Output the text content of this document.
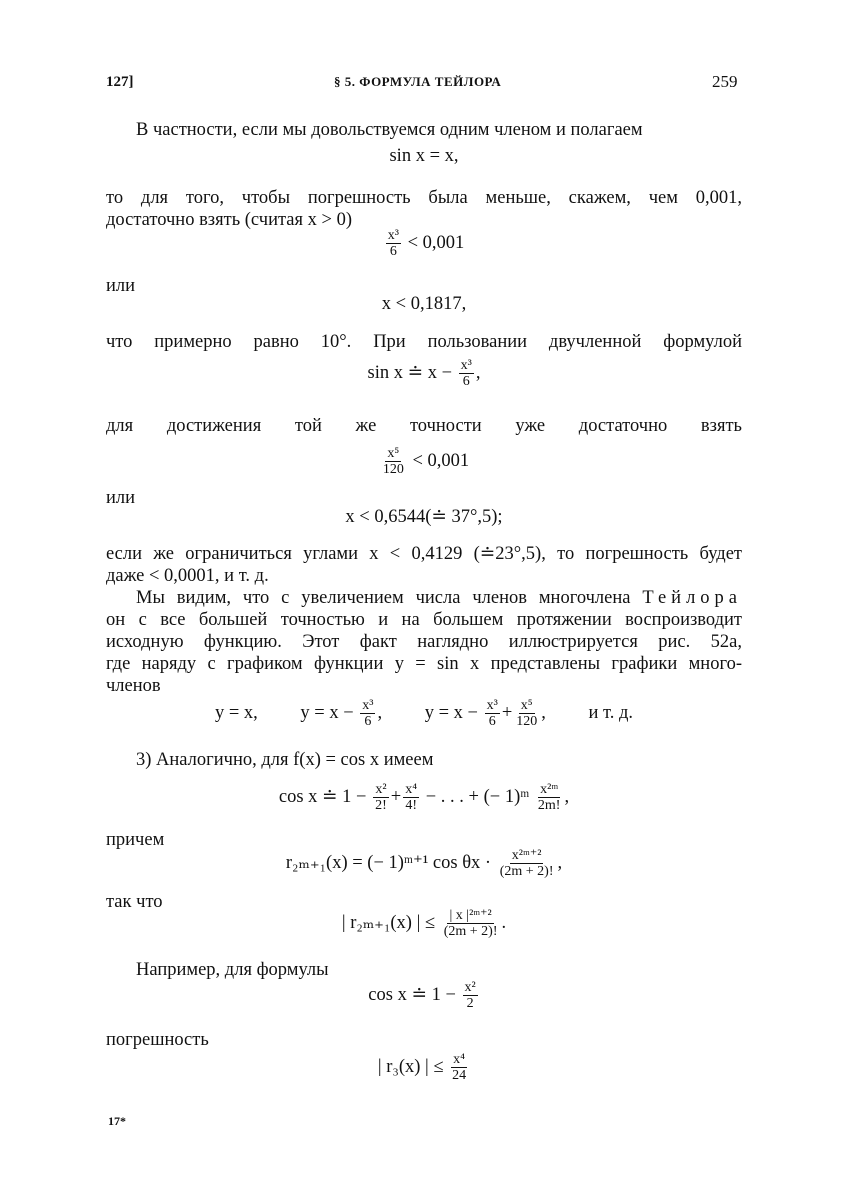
127]	§ 5. ФОРМУЛА ТЕЙЛОРА	259
В частности, если мы довольствуемся одним членом и полагаем
sin x = x,
то для того, чтобы погрешность была меньше, скажем, чем 0,001,
достаточно взять (считая x > 0)
$\frac{\text{x³}}{6} < 0,001$
или
x < 0,1817,
что примерно равно 10°. При пользовании двучленной формулой
sin x ≐ $x - \frac{\text{x³}}{6}$ ,
для достижения той же точности уже достаточно взять
$\frac{\text{x⁵}}{120} < 0,001$
или
x < 0,6544(≐ 37°,5);
если же ограничиться углами x < 0,4129 (≐23°,5), то погрешность будет
даже < 0,0001, и т. д.
Мы видим, что с увеличением числа членов многочлена Тейлора
он с все большей точностью и на большем протяжении воспроизводит
исходную функцию. Этот факт наглядно иллюстрируется рис. 52а,
где наряду с графиком функции y = sin x представлены графики много-
членов
y = x, $y = x - \frac{\text{x³}}{6}$ , $y = x - \frac{\text{x³}}{6} + \frac{\text{x⁵}}{120}$ , и т. д.
3) Аналогично, для f(x) = cos x имеем
cos x ≐ $1 - \frac{\text{x²}}{2!} + \frac{\text{x⁴}}{4!}$ − . . . + (− 1)ᵐ $\frac{\text{x²ᵐ}}{2m!}$ ,
причем
r₂ₘ₊₁(x) = (− 1)ᵐ⁺¹ $\cos \theta x \cdot \frac{\text{x²ᵐ⁺²}}{(2m + 2)!}$ ,
так что
| r₂ₘ₊₁(x) | ≤ $\frac{\text{| x |²ᵐ⁺²}}{(2m + 2)!}$ .
Например, для формулы
cos x ≐ $1 - \frac{\text{x²}}{2}$
погрешность
| r₃(x) | ≤ $\frac{\text{x⁴}}{24}$
17*
